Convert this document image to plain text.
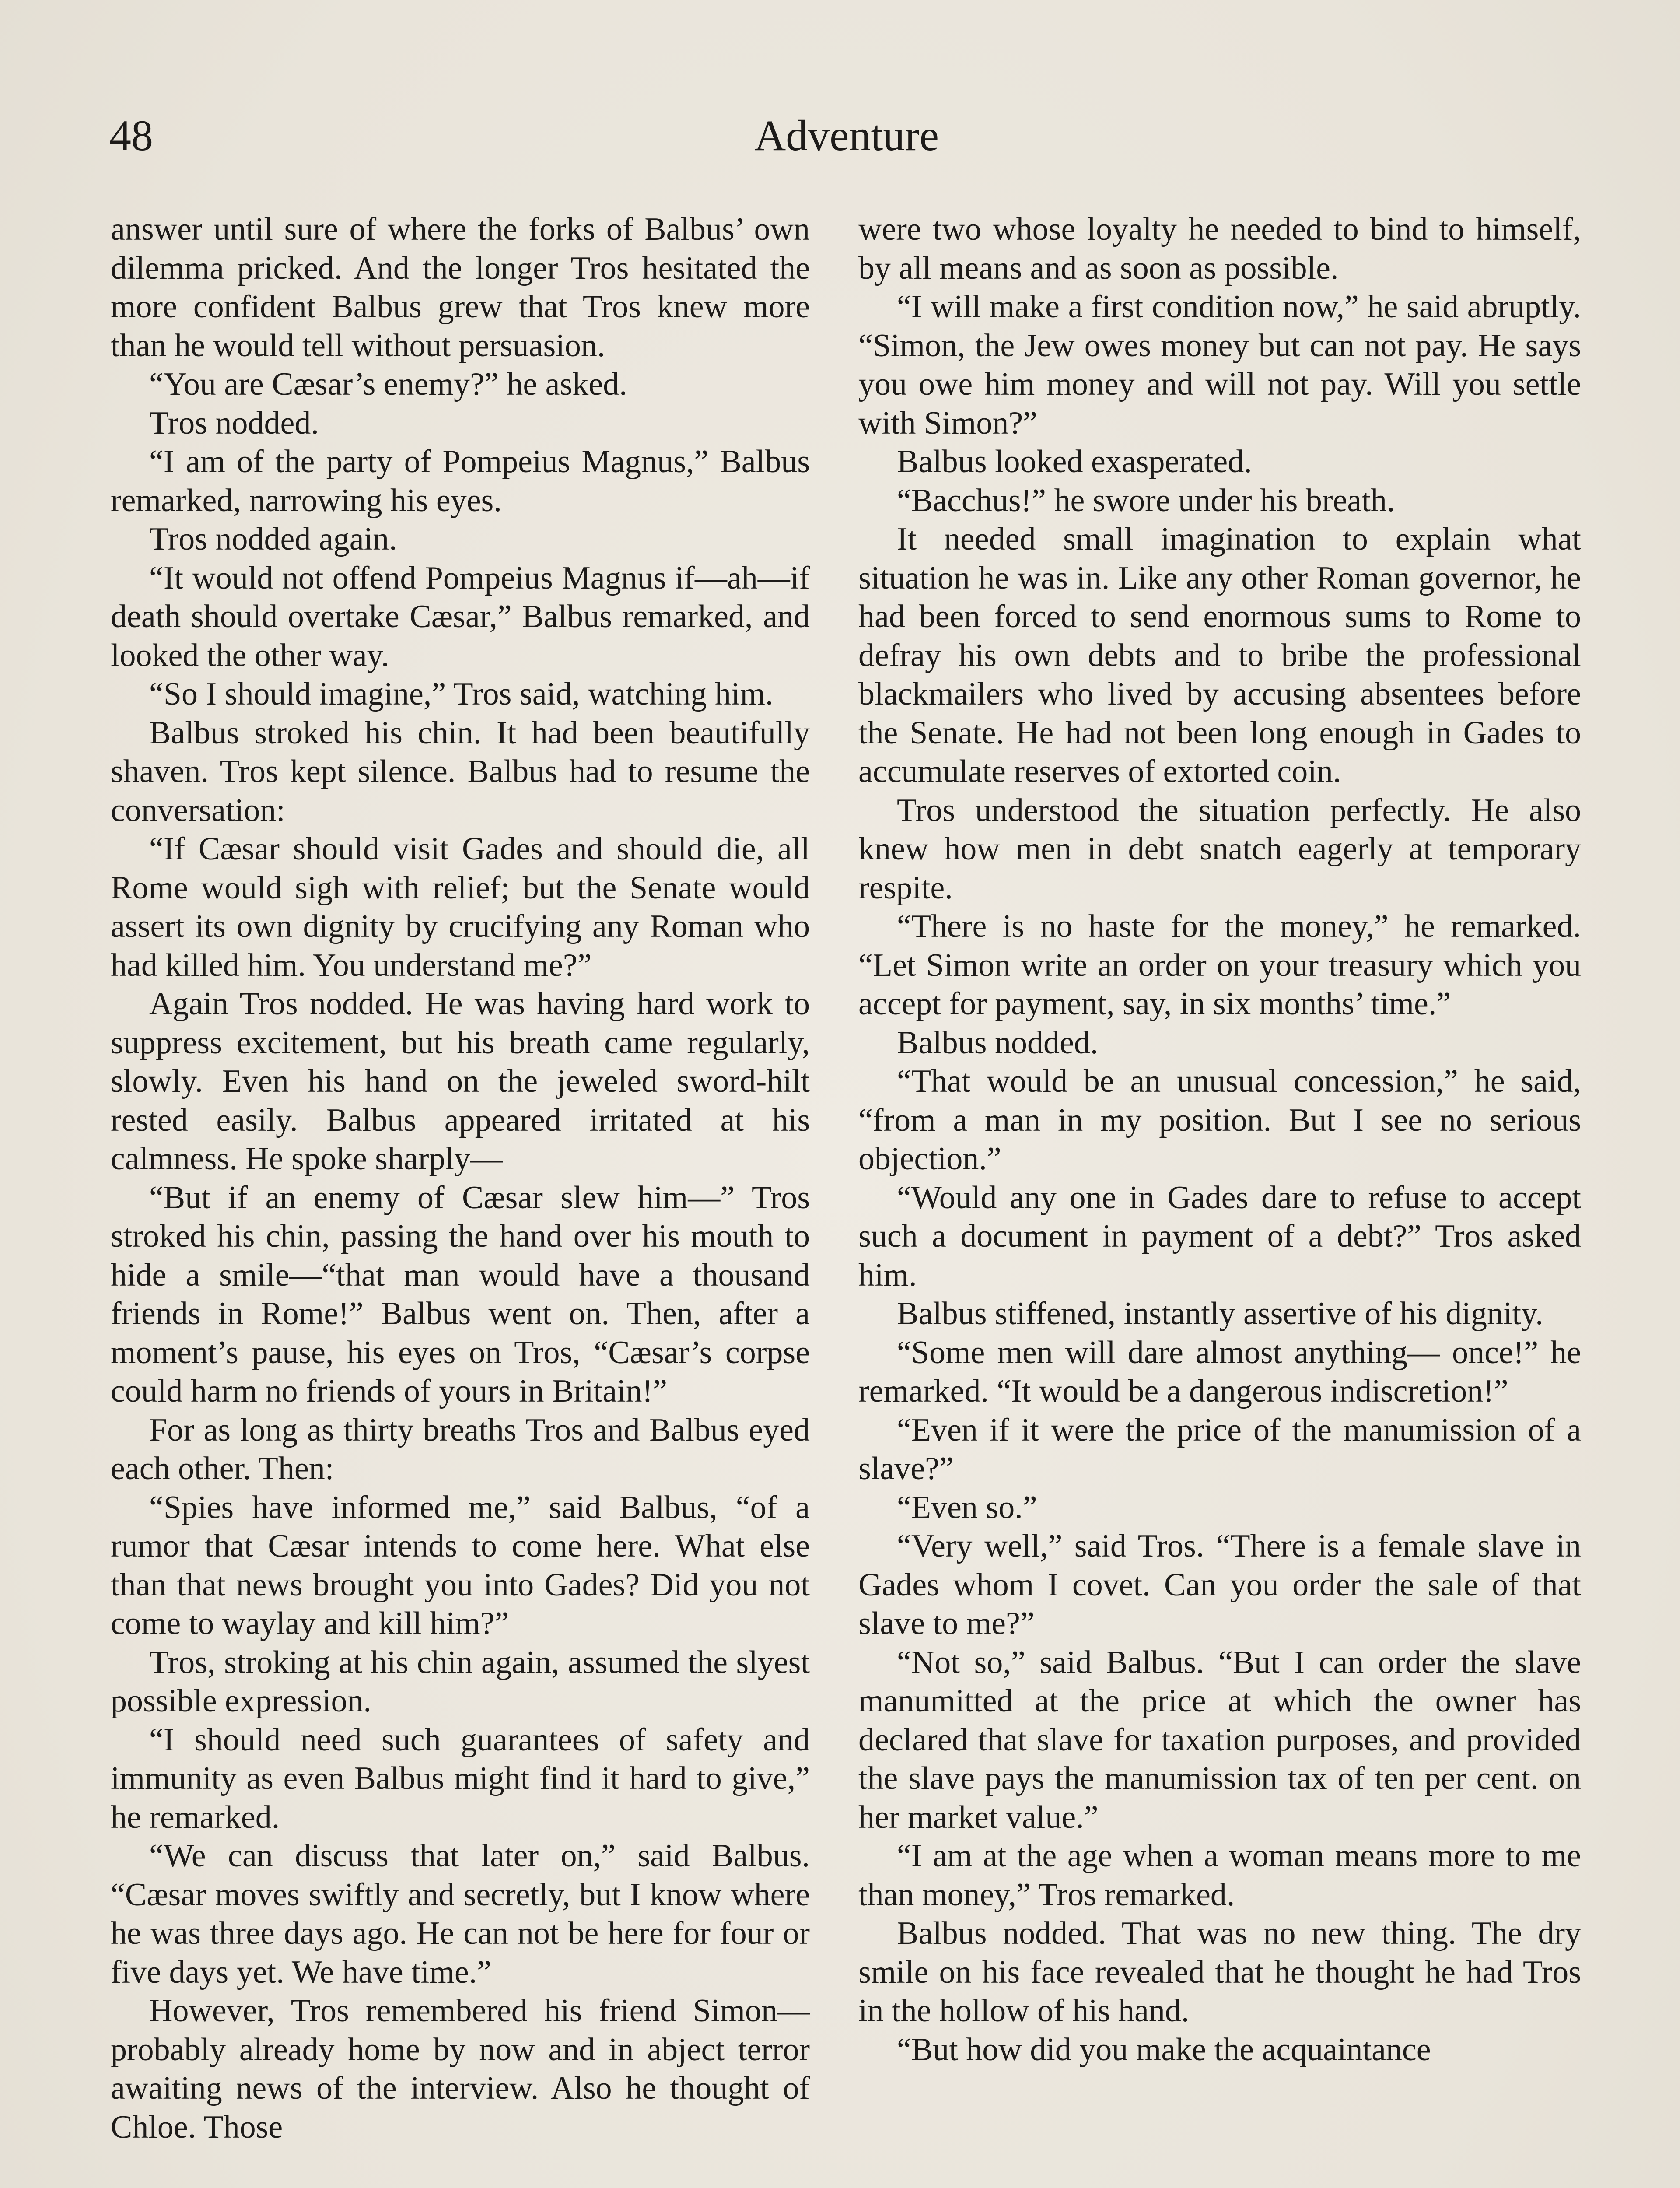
48	Adventure

answer until sure of where the forks of Balbus’ own dilemma pricked. And the longer Tros hesitated the more confident Balbus grew that Tros knew more than he would tell without persuasion.

“You are Cæsar’s enemy?” he asked.

Tros nodded.

“I am of the party of Pompeius Magnus,” Balbus remarked, narrowing his eyes.

Tros nodded again.

“It would not offend Pompeius Magnus if—ah—if death should overtake Cæsar,” Balbus remarked, and looked the other way.

“So I should imagine,” Tros said, watching him.

Balbus stroked his chin. It had been beautifully shaven. Tros kept silence. Balbus had to resume the conversation:

“If Cæsar should visit Gades and should die, all Rome would sigh with relief; but the Senate would assert its own dignity by crucifying any Roman who had killed him. You understand me?”

Again Tros nodded. He was having hard work to suppress excitement, but his breath came regularly, slowly. Even his hand on the jeweled sword-hilt rested easily. Balbus appeared irritated at his calmness. He spoke sharply—

“But if an enemy of Cæsar slew him—” Tros stroked his chin, passing the hand over his mouth to hide a smile—“that man would have a thousand friends in Rome!” Balbus went on. Then, after a moment’s pause, his eyes on Tros, “Cæsar’s corpse could harm no friends of yours in Britain!”

For as long as thirty breaths Tros and Balbus eyed each other. Then:

“Spies have informed me,” said Balbus, “of a rumor that Cæsar intends to come here. What else than that news brought you into Gades? Did you not come to waylay and kill him?”

Tros, stroking at his chin again, assumed the slyest possible expression.

“I should need such guarantees of safety and immunity as even Balbus might find it hard to give,” he remarked.

“We can discuss that later on,” said Balbus. “Cæsar moves swiftly and secretly, but I know where he was three days ago. He can not be here for four or five days yet. We have time.”

However, Tros remembered his friend Simon—probably already home by now and in abject terror awaiting news of the interview. Also he thought of Chloe. Those

were two whose loyalty he needed to bind to himself, by all means and as soon as possible.

“I will make a first condition now,” he said abruptly. “Simon, the Jew owes money but can not pay. He says you owe him money and will not pay. Will you settle with Simon?”

Balbus looked exasperated.

“Bacchus!” he swore under his breath.

It needed small imagination to explain what situation he was in. Like any other Roman governor, he had been forced to send enormous sums to Rome to defray his own debts and to bribe the professional blackmailers who lived by accusing absentees before the Senate. He had not been long enough in Gades to accumulate reserves of extorted coin.

Tros understood the situation perfectly. He also knew how men in debt snatch eagerly at temporary respite.

“There is no haste for the money,” he remarked. “Let Simon write an order on your treasury which you accept for payment, say, in six months’ time.”

Balbus nodded.

“That would be an unusual concession,” he said, “from a man in my position. But I see no serious objection.”

“Would any one in Gades dare to refuse to accept such a document in payment of a debt?” Tros asked him.

Balbus stiffened, instantly assertive of his dignity.

“Some men will dare almost anything— once!” he remarked. “It would be a dangerous indiscretion!”

“Even if it were the price of the manumission of a slave?”

“Even so.”

“Very well,” said Tros. “There is a female slave in Gades whom I covet. Can you order the sale of that slave to me?”

“Not so,” said Balbus. “But I can order the slave manumitted at the price at which the owner has declared that slave for taxation purposes, and provided the slave pays the manumission tax of ten per cent. on her market value.”

“I am at the age when a woman means more to me than money,” Tros remarked.

Balbus nodded. That was no new thing. The dry smile on his face revealed that he thought he had Tros in the hollow of his hand.

“But how did you make the acquaintance
